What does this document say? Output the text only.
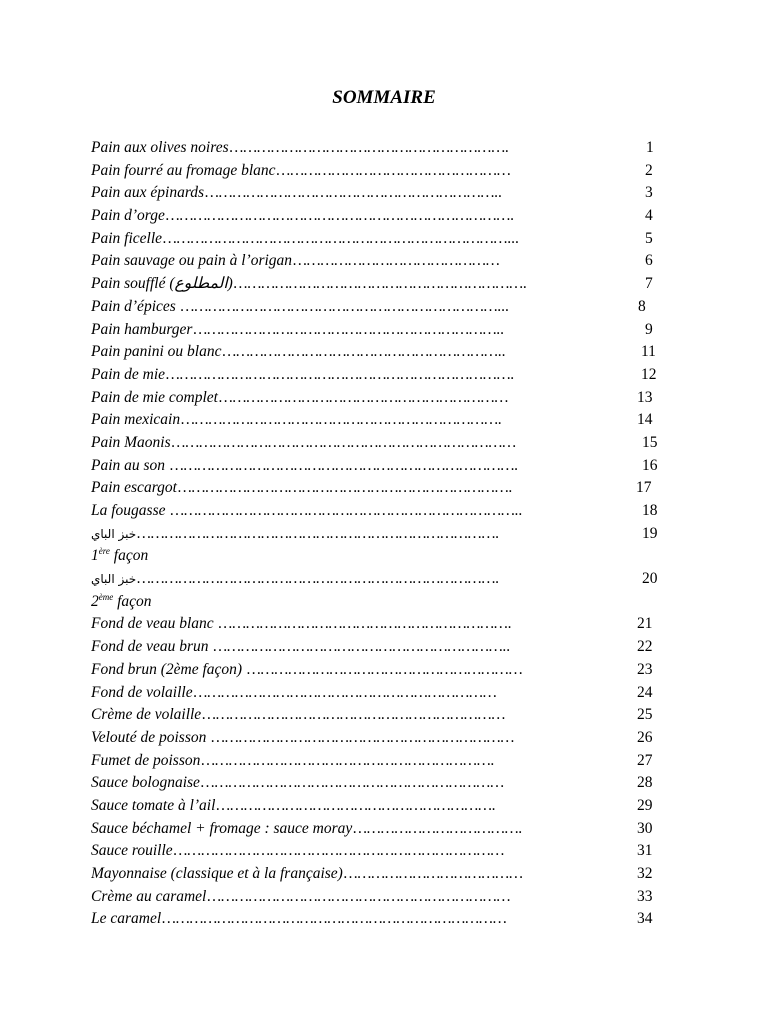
SOMMAIRE
Pain aux olives noires…………………………………………………….	1
Pain fourré au fromage blanc……………………………………………	2
Pain aux épinards………………………………………………………..	3
Pain d’orge………………………………………………………………….	4
Pain ficelle…………………………………………………………………...	5
Pain sauvage ou pain à l’origan………………………………………	6
Pain soufflé (المطلوع)……………………………………………………….	7
Pain d’épices ……………………………………………………………...	8
Pain hamburger…………………………………………………………..	9
Pain panini ou blanc……………………………………………………..	11
Pain de mie………………………………………………………………….	12
Pain de mie complet………………………………………………………	13
Pain mexicain…………………………………………………………….	14
Pain Maonis…………………………………………………………………	15
Pain au son ………………………………………………………………….	16
Pain escargot……………………………………………………………….	17
La fougasse …………………………………………………………………..	18
خبز الباي…………………………………………………………………….	19
1ère façon
خبز الباي…………………………………………………………………….	20
2ème façon
Fond de veau blanc ……………………………………………………….	21
Fond de veau brun ………………………………………………………..	22
Fond brun (2ème façon) ……………………………………………………	23
Fond de volaille…………………………………………………………	24
Crème de volaille…………………………………………………………	25
Velouté de poisson …………………………………………………………	26
Fumet de poisson……………………………………………………….	27
Sauce bolognaise…………………………………………………………	28
Sauce tomate à l’ail…………………………………………………….	29
Sauce béchamel + fromage : sauce moray……………………………….	30
Sauce rouille………………………………………………………………	31
Mayonnaise (classique et à la française)…………………………………	32
Crème au caramel…………………………………………………………	33
Le caramel…………………………………………………………………	34
